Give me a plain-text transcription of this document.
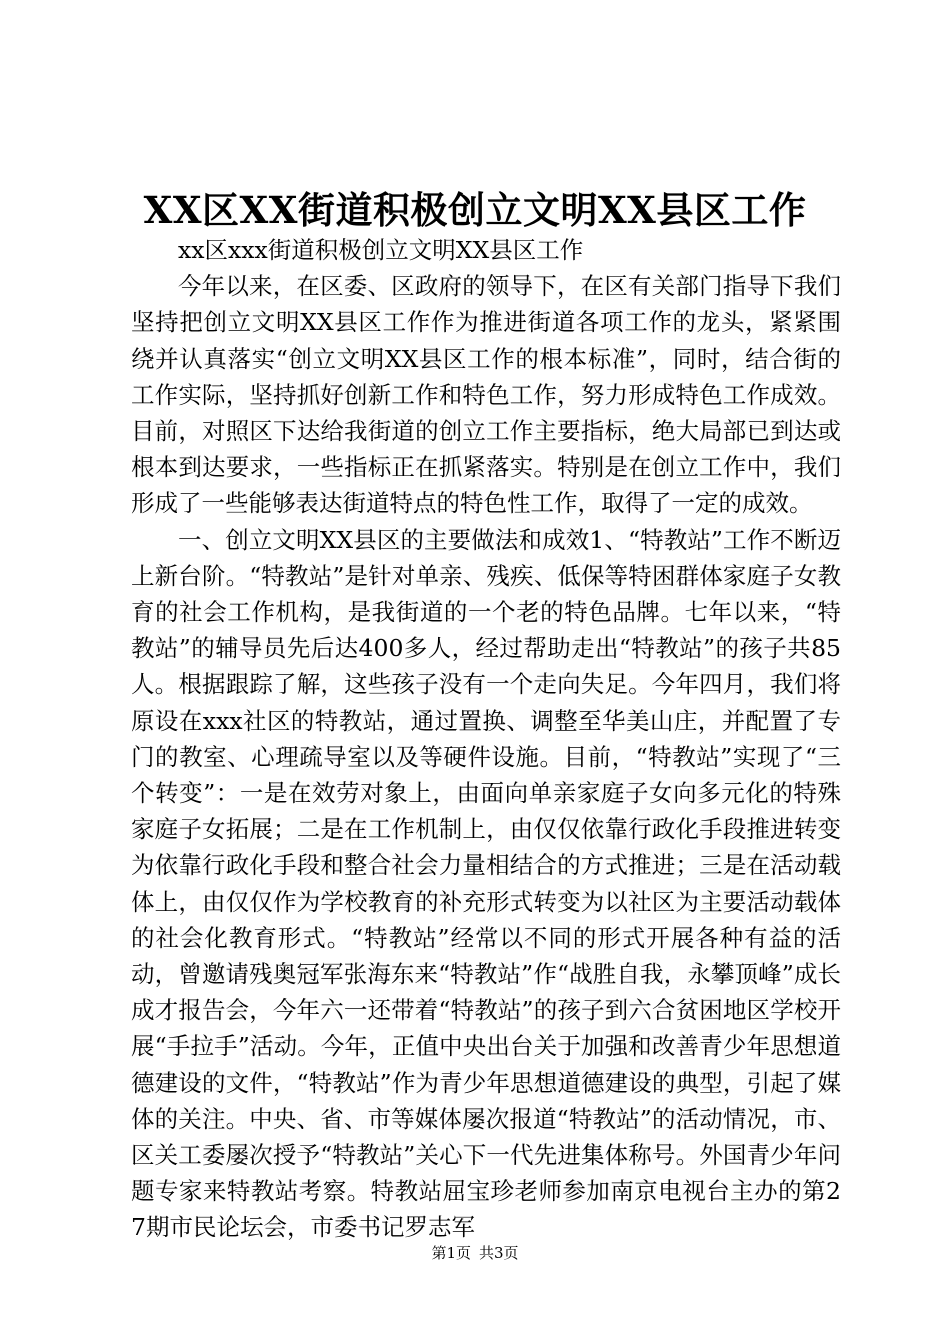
XX区XX街道积极创立文明XX县区工作

xx区xxx街道积极创立文明XX县区工作

今年以来，在区委、区政府的领导下，在区有关部门指导下我们坚持把创立文明XX县区工作作为推进街道各项工作的龙头，紧紧围绕并认真落实“创立文明XX县区工作的根本标准”，同时，结合街的工作实际，坚持抓好创新工作和特色工作，努力形成特色工作成效。目前，对照区下达给我街道的创立工作主要指标，绝大局部已到达或根本到达要求，一些指标正在抓紧落实。特别是在创立工作中，我们形成了一些能够表达街道特点的特色性工作，取得了一定的成效。

一、创立文明XX县区的主要做法和成效1、“特教站”工作不断迈上新台阶。“特教站”是针对单亲、残疾、低保等特困群体家庭子女教育的社会工作机构，是我街道的一个老的特色品牌。七年以来，“特教站”的辅导员先后达400多人，经过帮助走出“特教站”的孩子共85人。根据跟踪了解，这些孩子没有一个走向失足。今年四月，我们将原设在xxx社区的特教站，通过置换、调整至华美山庄，并配置了专门的教室、心理疏导室以及等硬件设施。目前，“特教站”实现了“三个转变”：一是在效劳对象上，由面向单亲家庭子女向多元化的特殊家庭子女拓展；二是在工作机制上，由仅仅依靠行政化手段推进转变为依靠行政化手段和整合社会力量相结合的方式推进；三是在活动载体上，由仅仅作为学校教育的补充形式转变为以社区为主要活动载体的社会化教育形式。“特教站”经常以不同的形式开展各种有益的活动，曾邀请残奥冠军张海东来“特教站”作“战胜自我，永攀顶峰”成长成才报告会，今年六一还带着“特教站”的孩子到六合贫困地区学校开展“手拉手”活动。今年，正值中央出台关于加强和改善青少年思想道德建设的文件，“特教站”作为青少年思想道德建设的典型，引起了媒体的关注。中央、省、市等媒体屡次报道“特教站”的活动情况，市、区关工委屡次授予“特教站”关心下一代先进集体称号。外国青少年问题专家来特教站考察。特教站屈宝珍老师参加南京电视台主办的第27期市民论坛会，市委书记罗志军

第1页 共3页
